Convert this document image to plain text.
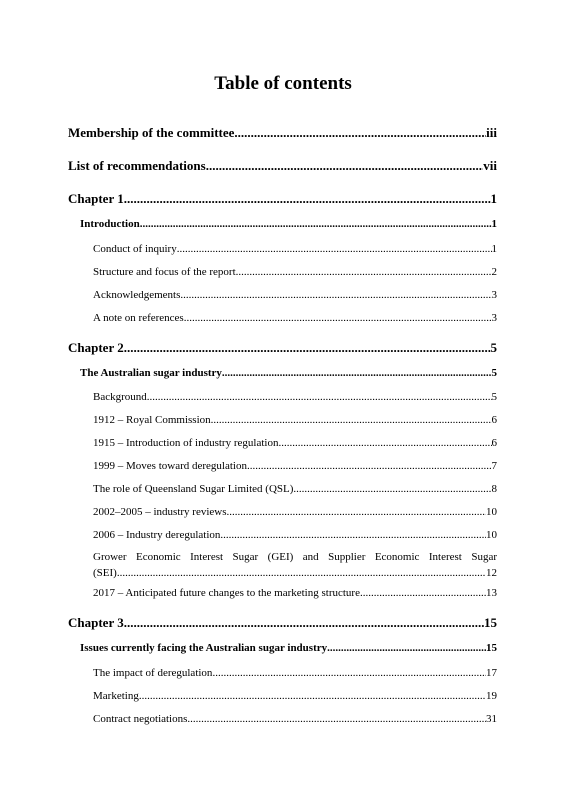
Table of contents
Membership of the committee .....	iii
List of recommendations .....	vii
Chapter 1 .....	1
Introduction .....	1
Conduct of inquiry .....	1
Structure and focus of the report .....	2
Acknowledgements .....	3
A note on references .....	3
Chapter 2 .....	5
The Australian sugar industry .....	5
Background .....	5
1912 – Royal Commission .....	6
1915 – Introduction of industry regulation .....	6
1999 – Moves toward deregulation .....	7
The role of Queensland Sugar Limited (QSL) .....	8
2002–2005 – industry reviews .....	10
2006 – Industry deregulation .....	10
Grower Economic Interest Sugar (GEI) and Supplier Economic Interest Sugar
(SEI) .....	12
2017 – Anticipated future changes to the marketing structure .....	13
Chapter 3 .....	15
Issues currently facing the Australian sugar industry .....	15
The impact of deregulation .....	17
Marketing .....	19
Contract negotiations .....	31
